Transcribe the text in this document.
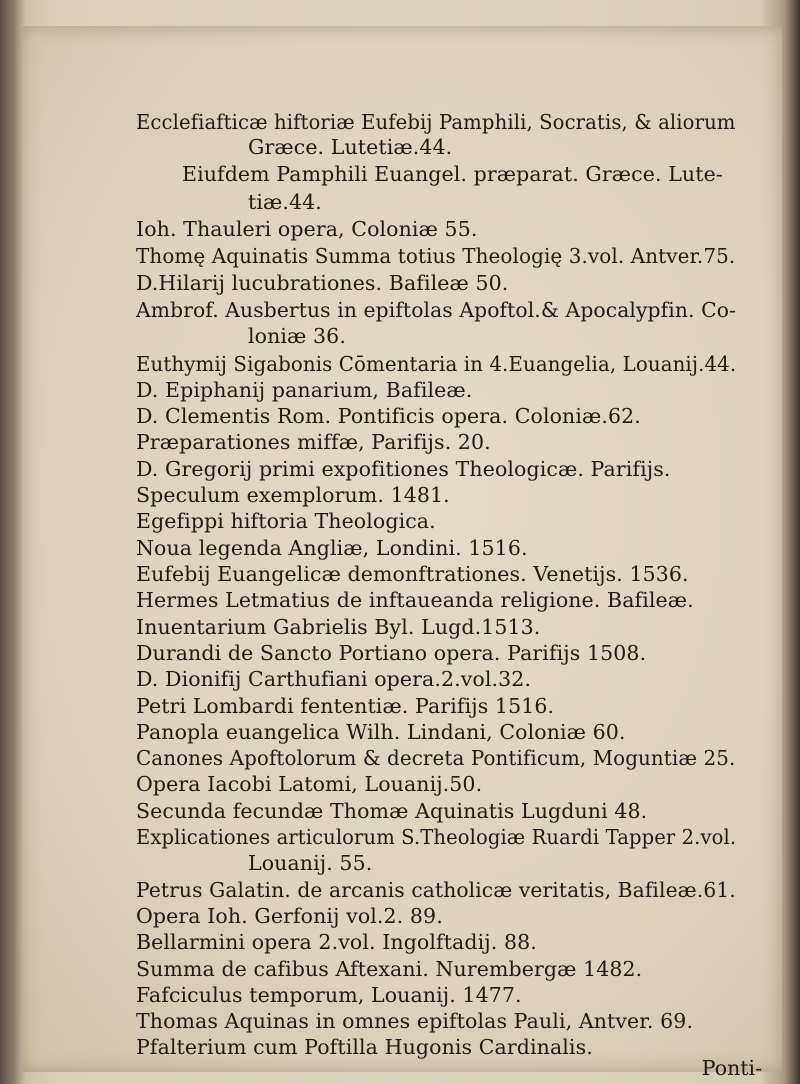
Ecclefiafticæ hiftoriæ Eufebij Pamphili, Socratis, & aliorum
Græce. Lutetiæ.44.
Eiufdem Pamphili Euangel. præparat. Græce. Lute-
tiæ.44.
Ioh. Thauleri opera, Coloniæ 55.
Thomę Aquinatis Summa totius Theologię 3.vol. Antver.75.
D.Hilarij lucubrationes. Bafileæ 50.
Ambrof. Ausbertus in epiftolas Apoftol.& Apocalypfin. Co-
loniæ 36.
Euthymij Sigabonis Cōmentaria in 4.Euangelia, Louanij.44.
D. Epiphanij panarium, Bafileæ.
D. Clementis Rom. Pontificis opera. Coloniæ.62.
Præparationes miffæ, Parifijs. 20.
D. Gregorij primi expofitiones Theologicæ. Parifijs.
Speculum exemplorum. 1481.
Egefippi hiftoria Theologica.
Noua legenda Angliæ, Londini. 1516.
Eufebij Euangelicæ demonftrationes. Venetijs. 1536.
Hermes Letmatius de inftaueanda religione. Bafileæ.
Inuentarium Gabrielis Byl. Lugd.1513.
Durandi de Sancto Portiano opera. Parifijs 1508.
D. Dionifij Carthufiani opera.2.vol.32.
Petri Lombardi fententiæ. Parifijs 1516.
Panopla euangelica Wilh. Lindani, Coloniæ 60.
Canones Apoftolorum & decreta Pontificum, Moguntiæ 25.
Opera Iacobi Latomi, Louanij.50.
Secunda fecundæ Thomæ Aquinatis Lugduni 48.
Explicationes articulorum S.Theologiæ Ruardi Tapper 2.vol.
Louanij. 55.
Petrus Galatin. de arcanis catholicæ veritatis, Bafileæ.61.
Opera Ioh. Gerfonij vol.2. 89.
Bellarmini opera 2.vol. Ingolftadij. 88.
Summa de cafibus Aftexani. Nurembergæ 1482.
Fafciculus temporum, Louanij. 1477.
Thomas Aquinas in omnes epiftolas Pauli, Antver. 69.
Pfalterium cum Poftilla Hugonis Cardinalis.
Ponti-
